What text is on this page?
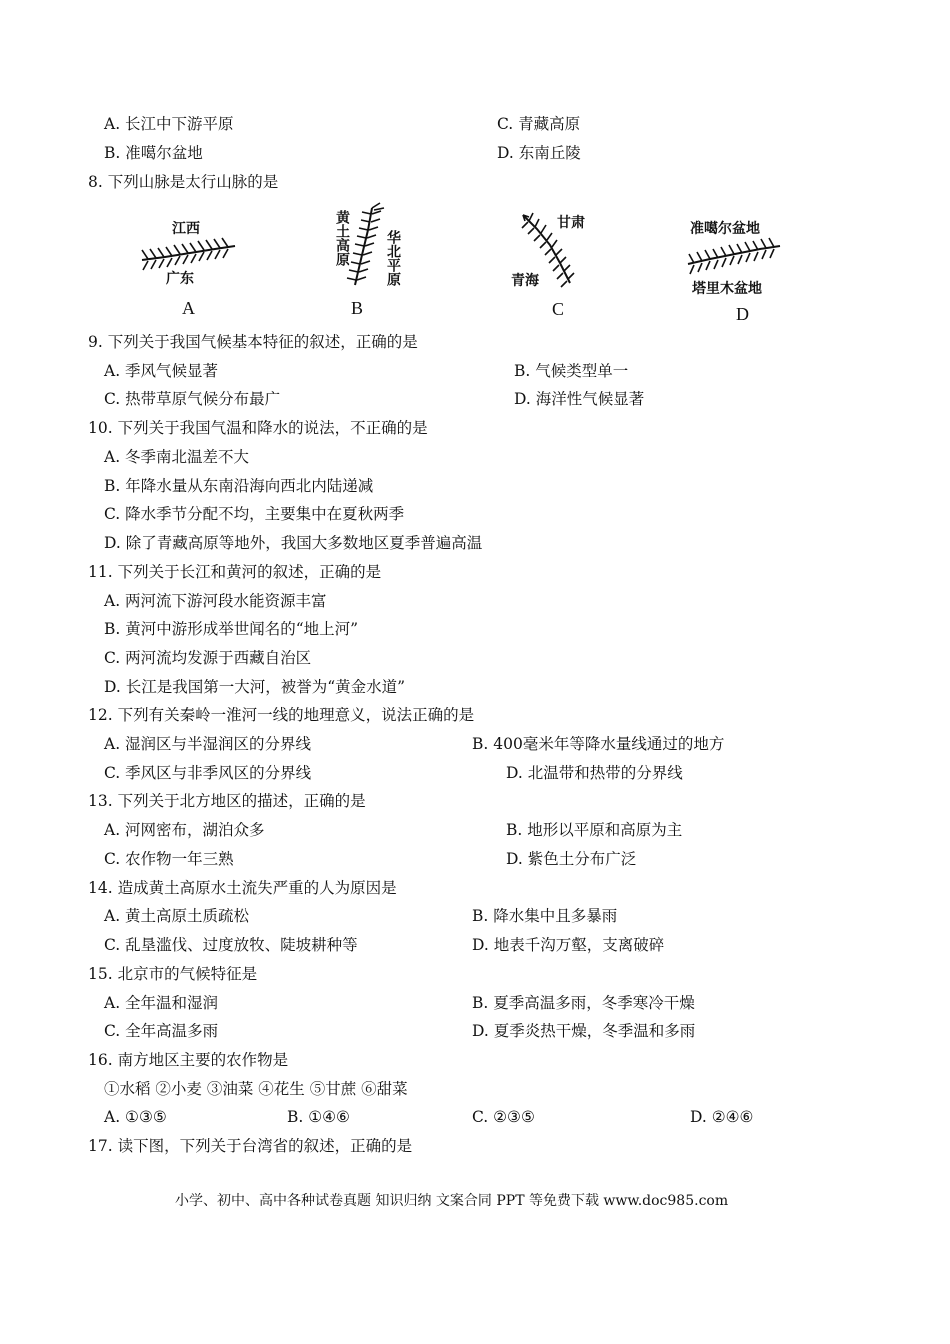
A. 长江中下游平原	C. 青藏高原
B. 准噶尔盆地	D. 东南丘陵
8. 下列山脉是太行山脉的是
江西
广东
A
黄土高原	华北平原
B
甘肃
青海
C
准噶尔盆地
塔里木盆地
D
9. 下列关于我国气候基本特征的叙述，正确的是
A. 季风气候显著	B. 气候类型单一
C. 热带草原气候分布最广	D. 海洋性气候显著
10. 下列关于我国气温和降水的说法，不正确的是
A. 冬季南北温差不大
B. 年降水量从东南沿海向西北内陆递减
C. 降水季节分配不均，主要集中在夏秋两季
D. 除了青藏高原等地外，我国大多数地区夏季普遍高温
11. 下列关于长江和黄河的叙述，正确的是
A. 两河流下游河段水能资源丰富
B. 黄河中游形成举世闻名的“地上河”
C. 两河流均发源于西藏自治区
D. 长江是我国第一大河，被誉为“黄金水道”
12. 下列有关秦岭一淮河一线的地理意义，说法正确的是
A. 湿润区与半湿润区的分界线	B. 400毫米年等降水量线通过的地方
C. 季风区与非季风区的分界线	D. 北温带和热带的分界线
13. 下列关于北方地区的描述，正确的是
A. 河网密布，湖泊众多	B. 地形以平原和高原为主
C. 农作物一年三熟	D. 紫色土分布广泛
14. 造成黄土高原水土流失严重的人为原因是
A. 黄土高原土质疏松	B. 降水集中且多暴雨
C. 乱垦滥伐、过度放牧、陡坡耕种等	D. 地表千沟万壑，支离破碎
15. 北京市的气候特征是
A. 全年温和湿润	B. 夏季高温多雨，冬季寒冷干燥
C. 全年高温多雨	D. 夏季炎热干燥，冬季温和多雨
16. 南方地区主要的农作物是
①水稻 ②小麦 ③油菜 ④花生 ⑤甘蔗 ⑥甜菜
A. ①③⑤	B. ①④⑥	C. ②③⑤	D. ②④⑥
17. 读下图，下列关于台湾省的叙述，正确的是
小学、初中、高中各种试卷真题 知识归纳 文案合同 PPT 等免费下载 www.doc985.com
